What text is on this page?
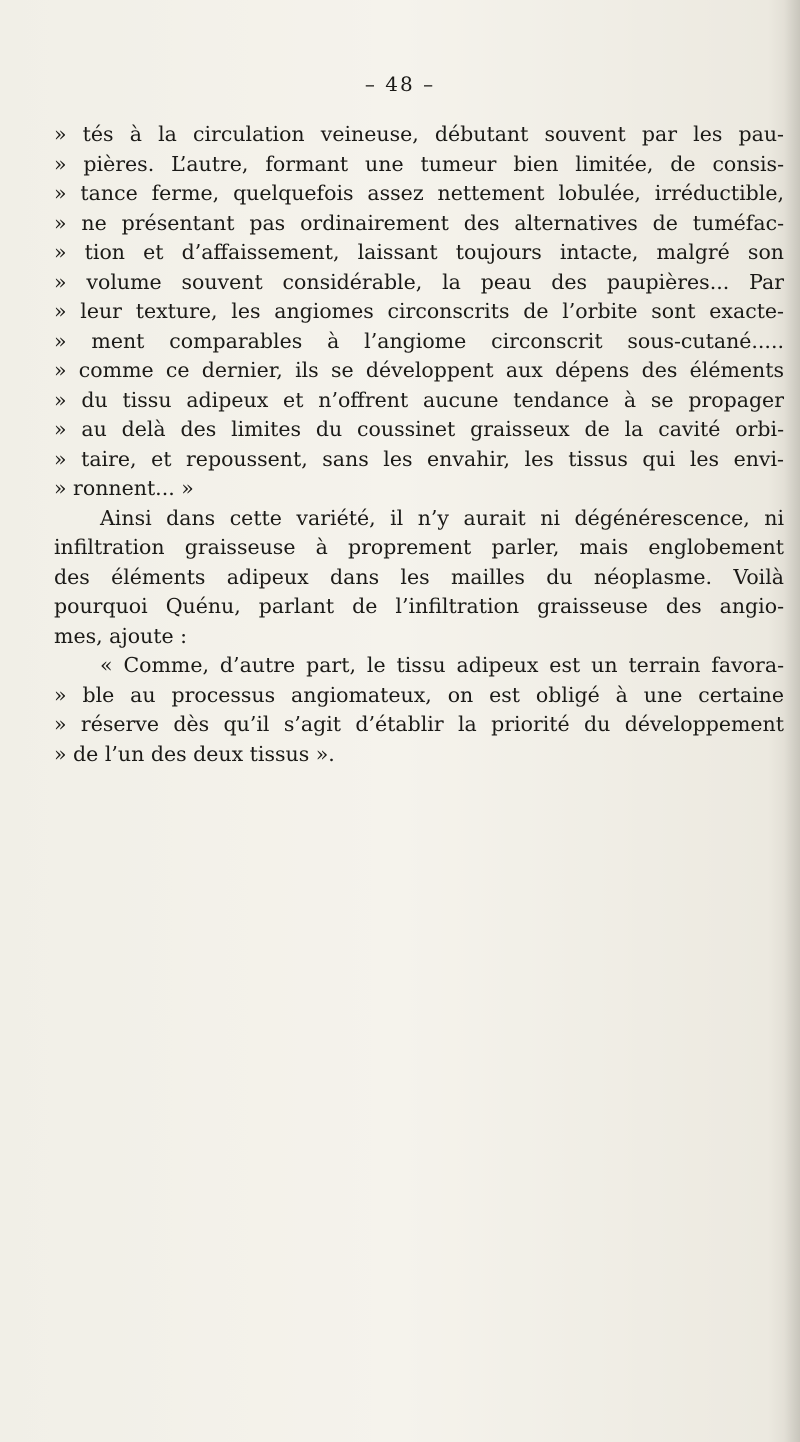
– 48 –
» tés à la circulation veineuse, débutant souvent par les pau-
» pières. L’autre, formant une tumeur bien limitée, de consis-
» tance ferme, quelquefois assez nettement lobulée, irréductible,
» ne présentant pas ordinairement des alternatives de tuméfac-
» tion et d’affaissement, laissant toujours intacte, malgré son
» volume souvent considérable, la peau des paupières... Par
» leur texture, les angiomes circonscrits de l’orbite sont exacte-
» ment comparables à l’angiome circonscrit sous-cutané.....
» comme ce dernier, ils se développent aux dépens des éléments
» du tissu adipeux et n’offrent aucune tendance à se propager
» au delà des limites du coussinet graisseux de la cavité orbi-
» taire, et repoussent, sans les envahir, les tissus qui les envi-
» ronnent... »
Ainsi dans cette variété, il n’y aurait ni dégénérescence, ni
infiltration graisseuse à proprement parler, mais englobement
des éléments adipeux dans les mailles du néoplasme. Voilà
pourquoi Quénu, parlant de l’infiltration graisseuse des angio-
mes, ajoute :
« Comme, d’autre part, le tissu adipeux est un terrain favora-
» ble au processus angiomateux, on est obligé à une certaine
» réserve dès qu’il s’agit d’établir la priorité du développement
» de l’un des deux tissus ».
